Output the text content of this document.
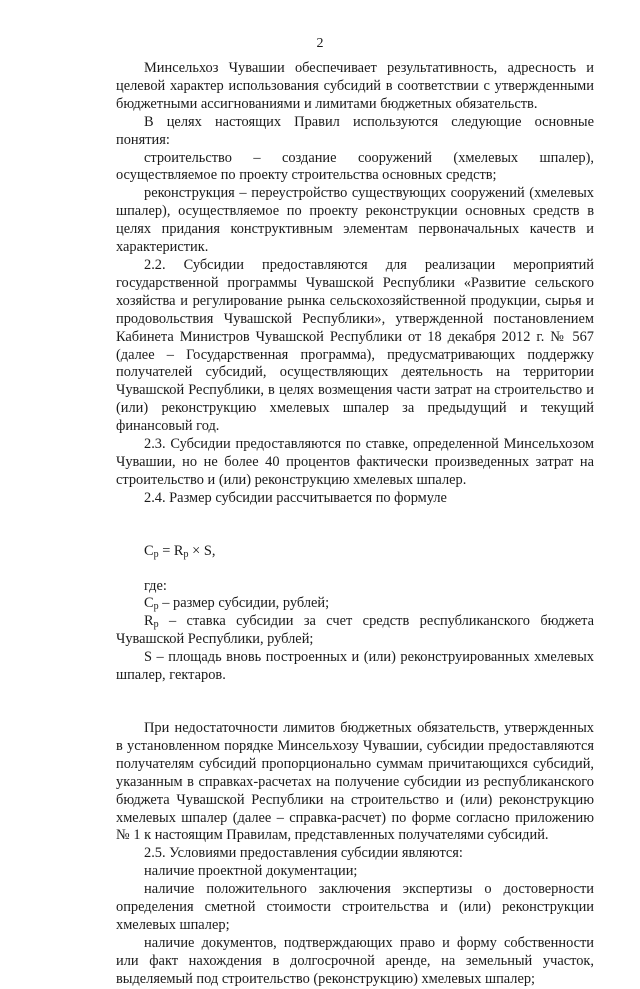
2

Минсельхоз Чувашии обеспечивает результативность, адресность и целевой характер использования субсидий в соответствии с утвержденными бюджетными ассигнованиями и лимитами бюджетных обязательств.

В целях настоящих Правил используются следующие основные понятия:

строительство – создание сооружений (хмелевых шпалер), осуществляемое по проекту строительства основных средств;

реконструкция – переустройство существующих сооружений (хмелевых шпалер), осуществляемое по проекту реконструкции основных средств в целях придания конструктивным элементам первоначальных качеств и характеристик.

2.2. Субсидии предоставляются для реализации мероприятий государственной программы Чувашской Республики «Развитие сельского хозяйства и регулирование рынка сельскохозяйственной продукции, сырья и продовольствия Чувашской Республики», утвержденной постановлением Кабинета Министров Чувашской Республики от 18 декабря 2012 г. № 567 (далее – Государственная программа), предусматривающих поддержку получателей субсидий, осуществляющих деятельность на территории Чувашской Республики, в целях возмещения части затрат на строительство и (или) реконструкцию хмелевых шпалер за предыдущий и текущий финансовый год.

2.3. Субсидии предоставляются по ставке, определенной Минсельхозом Чувашии, но не более 40 процентов фактически произведенных затрат на строительство и (или) реконструкцию хмелевых шпалер.

2.4. Размер субсидии рассчитывается по формуле

$C_р = R_р \times S$,

где:

$C_р$ – размер субсидии, рублей;

$R_р$ – ставка субсидии за счет средств республиканского бюджета Чувашской Республики, рублей;

S – площадь вновь построенных и (или) реконструированных хмелевых шпалер, гектаров.

При недостаточности лимитов бюджетных обязательств, утвержденных в установленном порядке Минсельхозу Чувашии, субсидии предоставляются получателям субсидий пропорционально суммам причитающихся субсидий, указанным в справках-расчетах на получение субсидии из республиканского бюджета Чувашской Республики на строительство и (или) реконструкцию хмелевых шпалер (далее – справка-расчет) по форме согласно приложению № 1 к настоящим Правилам, представленных получателями субсидий.

2.5. Условиями предоставления субсидии являются:

наличие проектной документации;

наличие положительного заключения экспертизы о достоверности определения сметной стоимости строительства и (или) реконструкции хмелевых шпалер;

наличие документов, подтверждающих право и форму собственности или факт нахождения в долгосрочной аренде, на земельный участок, выделяемый под строительство (реконструкцию) хмелевых шпалер;
